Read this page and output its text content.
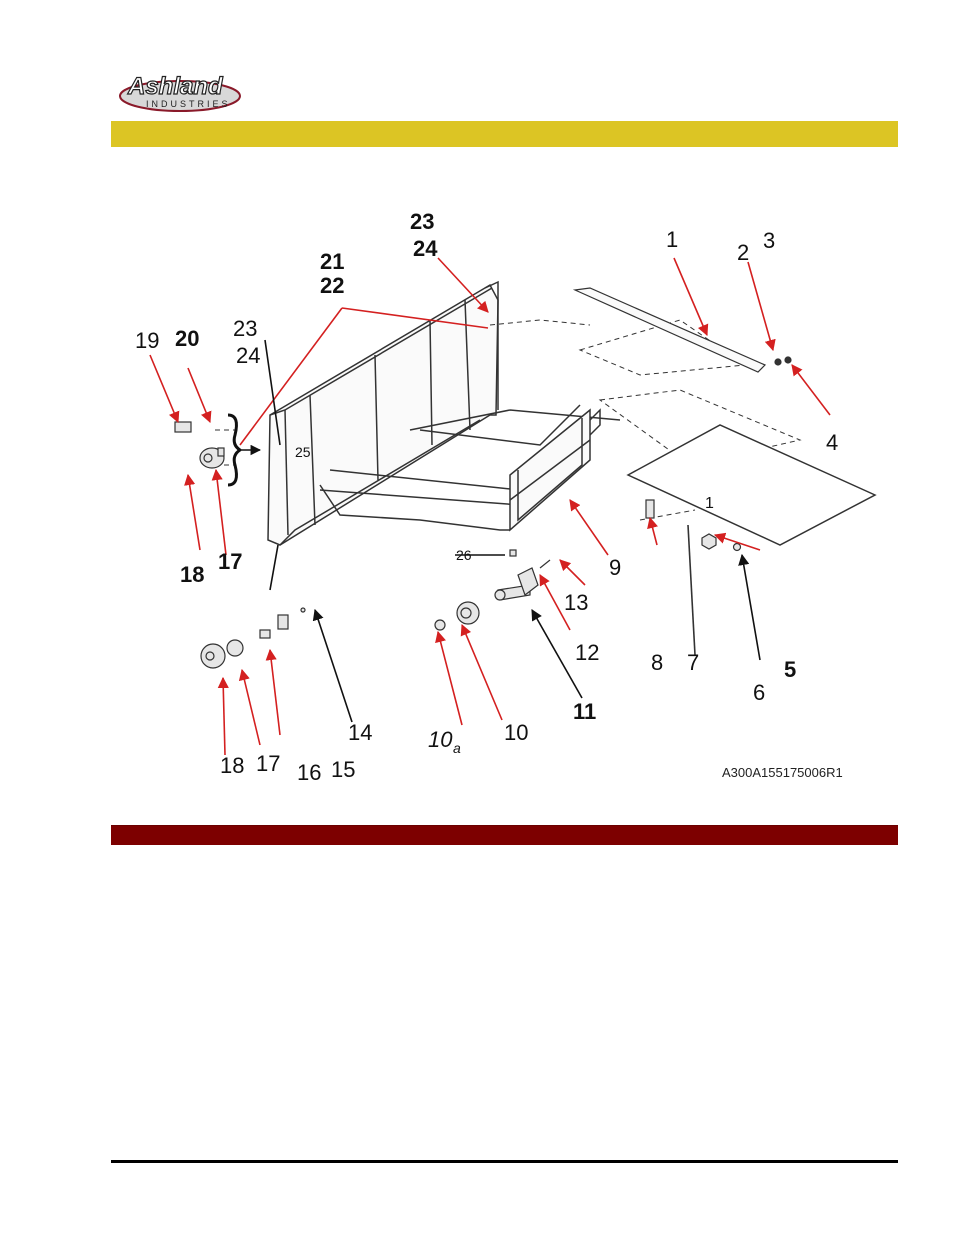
Ashland
INDUSTRIES
1
2 3
4
5
6
7
8
9
10
10 a
11
12
13
14
15
16
17
17
18
18
19 20
21
22
23
24
23
24
25
26
1
A300A155175006R1
